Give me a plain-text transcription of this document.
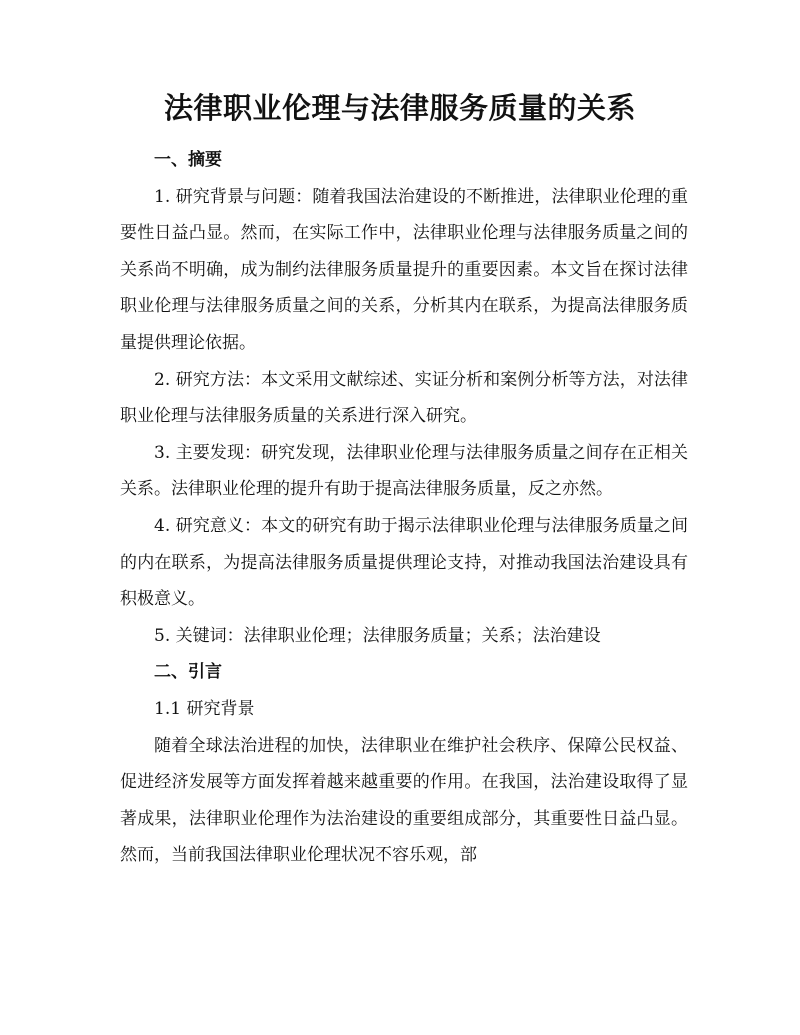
法律职业伦理与法律服务质量的关系

一、摘要

1. 研究背景与问题：随着我国法治建设的不断推进，法律职业伦理的重要性日益凸显。然而，在实际工作中，法律职业伦理与法律服务质量之间的关系尚不明确，成为制约法律服务质量提升的重要因素。本文旨在探讨法律职业伦理与法律服务质量之间的关系，分析其内在联系，为提高法律服务质量提供理论依据。

2. 研究方法：本文采用文献综述、实证分析和案例分析等方法，对法律职业伦理与法律服务质量的关系进行深入研究。

3. 主要发现：研究发现，法律职业伦理与法律服务质量之间存在正相关关系。法律职业伦理的提升有助于提高法律服务质量，反之亦然。

4. 研究意义：本文的研究有助于揭示法律职业伦理与法律服务质量之间的内在联系，为提高法律服务质量提供理论支持，对推动我国法治建设具有积极意义。

5. 关键词：法律职业伦理；法律服务质量；关系；法治建设

二、引言

1.1 研究背景

随着全球法治进程的加快，法律职业在维护社会秩序、保障公民权益、促进经济发展等方面发挥着越来越重要的作用。在我国，法治建设取得了显著成果，法律职业伦理作为法治建设的重要组成部分，其重要性日益凸显。然而，当前我国法律职业伦理状况不容乐观，部
